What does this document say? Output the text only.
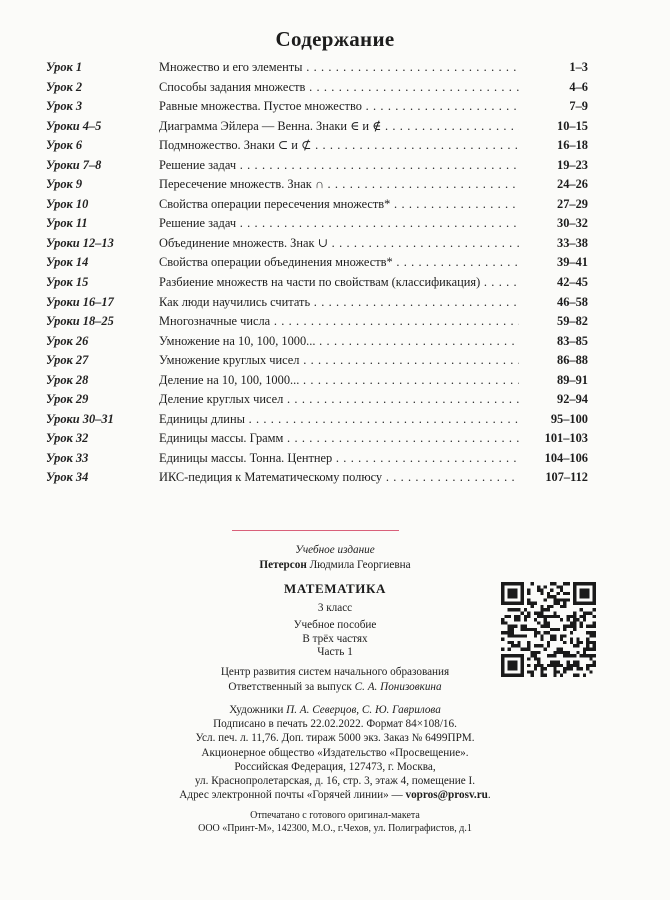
Содержание
Урок 1	Множество и его элементы . . .	1–3
Урок 2	Способы задания множеств . . .	4–6
Урок 3	Равные множества. Пустое множество . . .	7–9
Уроки 4–5	Диаграмма Эйлера — Венна. Знаки ∈ и ∉ . . .	10–15
Урок 6	Подмножество. Знаки ⊂ и ⊄ . . .	16–18
Уроки 7–8	Решение задач . . .	19–23
Урок 9	Пересечение множеств. Знак ∩ . . .	24–26
Урок 10	Свойства операции пересечения множеств* . . .	27–29
Урок 11	Решение задач . . .	30–32
Уроки 12–13	Объединение множеств. Знак ∪ . . .	33–38
Урок 14	Свойства операции объединения множеств* . . .	39–41
Урок 15	Разбиение множеств на части по свойствам (классификация) . . .	42–45
Уроки 16–17	Как люди научились считать . . .	46–58
Уроки 18–25	Многозначные числа . . .	59–82
Урок 26	Умножение на 10, 100, 1000... . . .	83–85
Урок 27	Умножение круглых чисел . . .	86–88
Урок 28	Деление на 10, 100, 1000... . . .	89–91
Урок 29	Деление круглых чисел . . .	92–94
Уроки 30–31	Единицы длины . . .	95–100
Урок 32	Единицы массы. Грамм . . .	101–103
Урок 33	Единицы массы. Тонна. Центнер . . .	104–106
Урок 34	ИКС-педиция к Математическому полюсу . . .	107–112
Учебное издание
Петерсон Людмила Георгиевна
МАТЕМАТИКА
3 класс
Учебное пособие
В трёх частях
Часть 1
Центр развития систем начального образования
Ответственный за выпуск С. А. Понизовкина
Художники П. А. Северцов, С. Ю. Гаврилова
Подписано в печать 22.02.2022. Формат 84×108/16.
Усл. печ. л. 11,76. Доп. тираж 5000 экз. Заказ № 6499ПРМ.
Акционерное общество «Издательство «Просвещение».
Российская Федерация, 127473, г. Москва,
ул. Краснопролетарская, д. 16, стр. 3, этаж 4, помещение I.
Адрес электронной почты «Горячей линии» — vopros@prosv.ru.
Отпечатано с готового оригинал-макета
ООО «Принт-М», 142300, М.О., г.Чехов, ул. Полиграфистов, д.1
